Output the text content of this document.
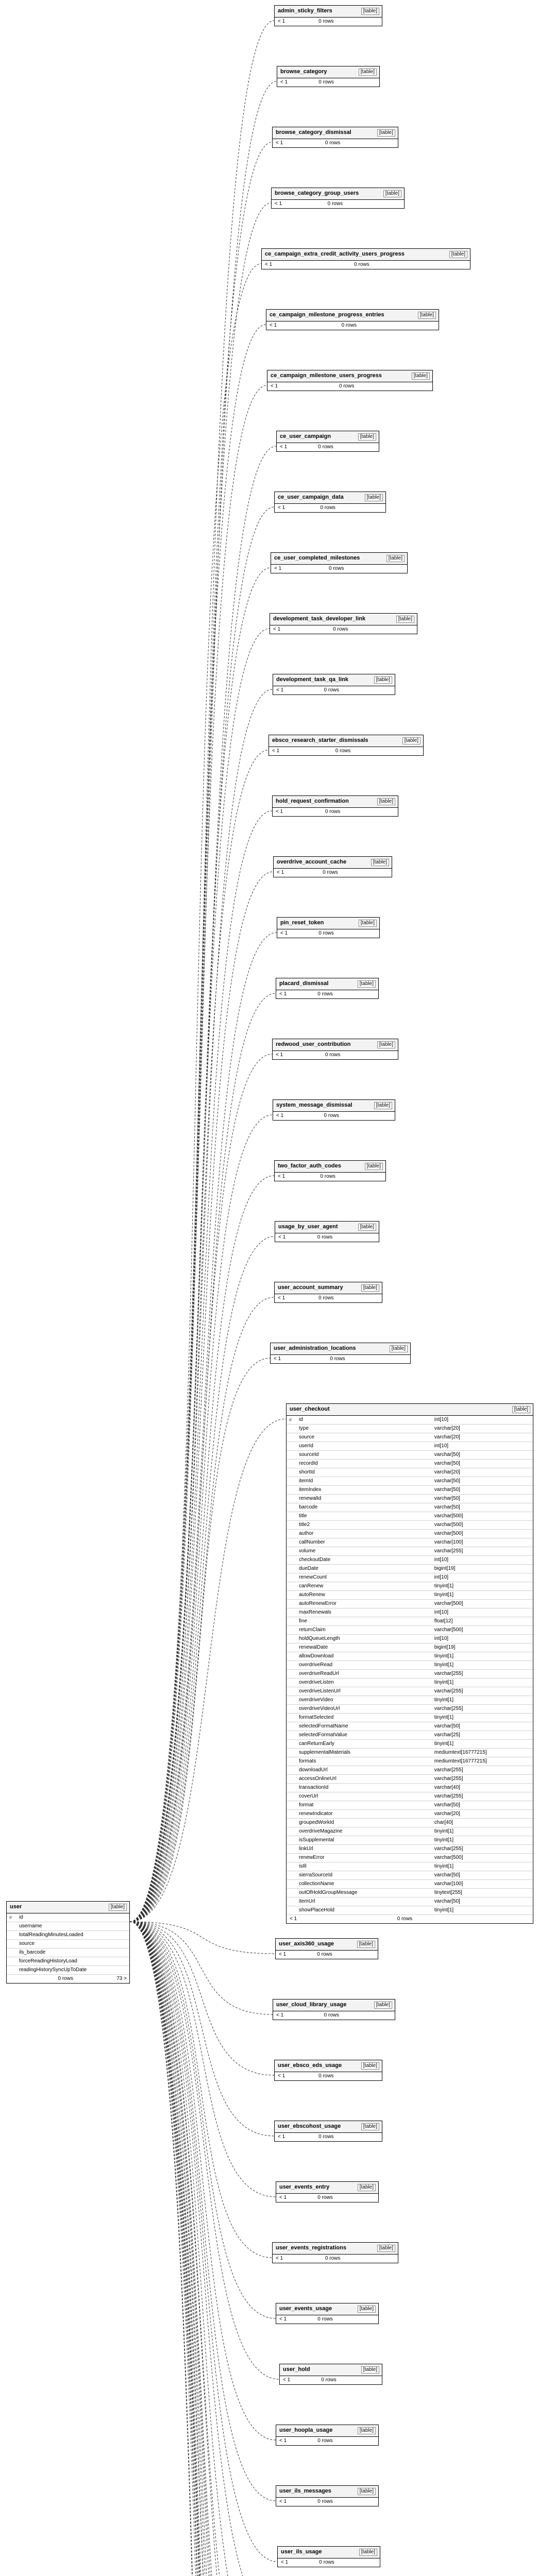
user	[table]
# id
username
totalReadingMinutesLoaded
source
ils_barcode
forceReadingHistoryLoad
readingHistorySyncUpToDate
0 rows	73 >
admin_sticky_filters	[table]
< 1	0 rows
browse_category	[table]
< 1	0 rows
browse_category_dismissal	[table]
< 1	0 rows
browse_category_group_users	[table]
< 1	0 rows
ce_campaign_extra_credit_activity_users_progress	[table]
< 1	0 rows
ce_campaign_milestone_progress_entries	[table]
< 1	0 rows
ce_campaign_milestone_users_progress	[table]
< 1	0 rows
ce_user_campaign	[table]
< 1	0 rows
ce_user_campaign_data	[table]
< 1	0 rows
ce_user_completed_milestones	[table]
< 1	0 rows
development_task_developer_link	[table]
< 1	0 rows
development_task_qa_link	[table]
< 1	0 rows
ebsco_research_starter_dismissals	[table]
< 1	0 rows
hold_request_confirmation	[table]
< 1	0 rows
overdrive_account_cache	[table]
< 1	0 rows
pin_reset_token	[table]
< 1	0 rows
placard_dismissal	[table]
< 1	0 rows
redwood_user_contribution	[table]
< 1	0 rows
system_message_dismissal	[table]
< 1	0 rows
two_factor_auth_codes	[table]
< 1	0 rows
usage_by_user_agent	[table]
< 1	0 rows
user_account_summary	[table]
< 1	0 rows
user_administration_locations	[table]
< 1	0 rows
user_checkout	[table]
# id	int[10]
type	varchar[20]
source	varchar[20]
userId	int[10]
sourceId	varchar[50]
recordId	varchar[50]
shortId	varchar[20]
itemId	varchar[50]
itemIndex	varchar[50]
renewalId	varchar[50]
barcode	varchar[50]
title	varchar[500]
title2	varchar[500]
author	varchar[500]
callNumber	varchar[100]
volume	varchar[255]
checkoutDate	int[10]
dueDate	bigint[19]
renewCount	int[10]
canRenew	tinyint[1]
autoRenew	tinyint[1]
autoRenewError	varchar[500]
maxRenewals	int[10]
fine	float[12]
returnClaim	varchar[500]
holdQueueLength	int[10]
renewalDate	bigint[19]
allowDownload	tinyint[1]
overdriveRead	tinyint[1]
overdriveReadUrl	varchar[255]
overdriveListen	tinyint[1]
overdriveListenUrl	varchar[255]
overdriveVideo	tinyint[1]
overdriveVideoUrl	varchar[255]
formatSelected	tinyint[1]
selectedFormatName	varchar[50]
selectedFormatValue	varchar[25]
canReturnEarly	tinyint[1]
supplementalMaterials	mediumtext[16777215]
formats	mediumtext[16777215]
downloadUrl	varchar[255]
accessOnlineUrl	varchar[255]
transactionId	varchar[40]
coverUrl	varchar[255]
format	varchar[50]
renewIndicator	varchar[20]
groupedWorkId	char[40]
overdriveMagazine	tinyint[1]
isSupplemental	tinyint[1]
linkUrl	varchar[255]
renewError	varchar[500]
isIll	tinyint[1]
sierraSourceId	varchar[50]
collectionName	varchar[100]
outOfHoldGroupMessage	tinytext[255]
itemUrl	varchar[50]
showPlaceHold	tinyint[1]
< 1	0 rows
user_axis360_usage	[table]
< 1	0 rows
user_cloud_library_usage	[table]
< 1	0 rows
user_ebsco_eds_usage	[table]
< 1	0 rows
user_ebscohost_usage	[table]
< 1	0 rows
user_events_entry	[table]
< 1	0 rows
user_events_registrations	[table]
< 1	0 rows
user_events_usage	[table]
< 1	0 rows
user_hold	[table]
< 1	0 rows
user_hoopla_usage	[table]
< 1	0 rows
user_ils_messages	[table]
< 1	0 rows
user_ils_usage	[table]
< 1	0 rows
